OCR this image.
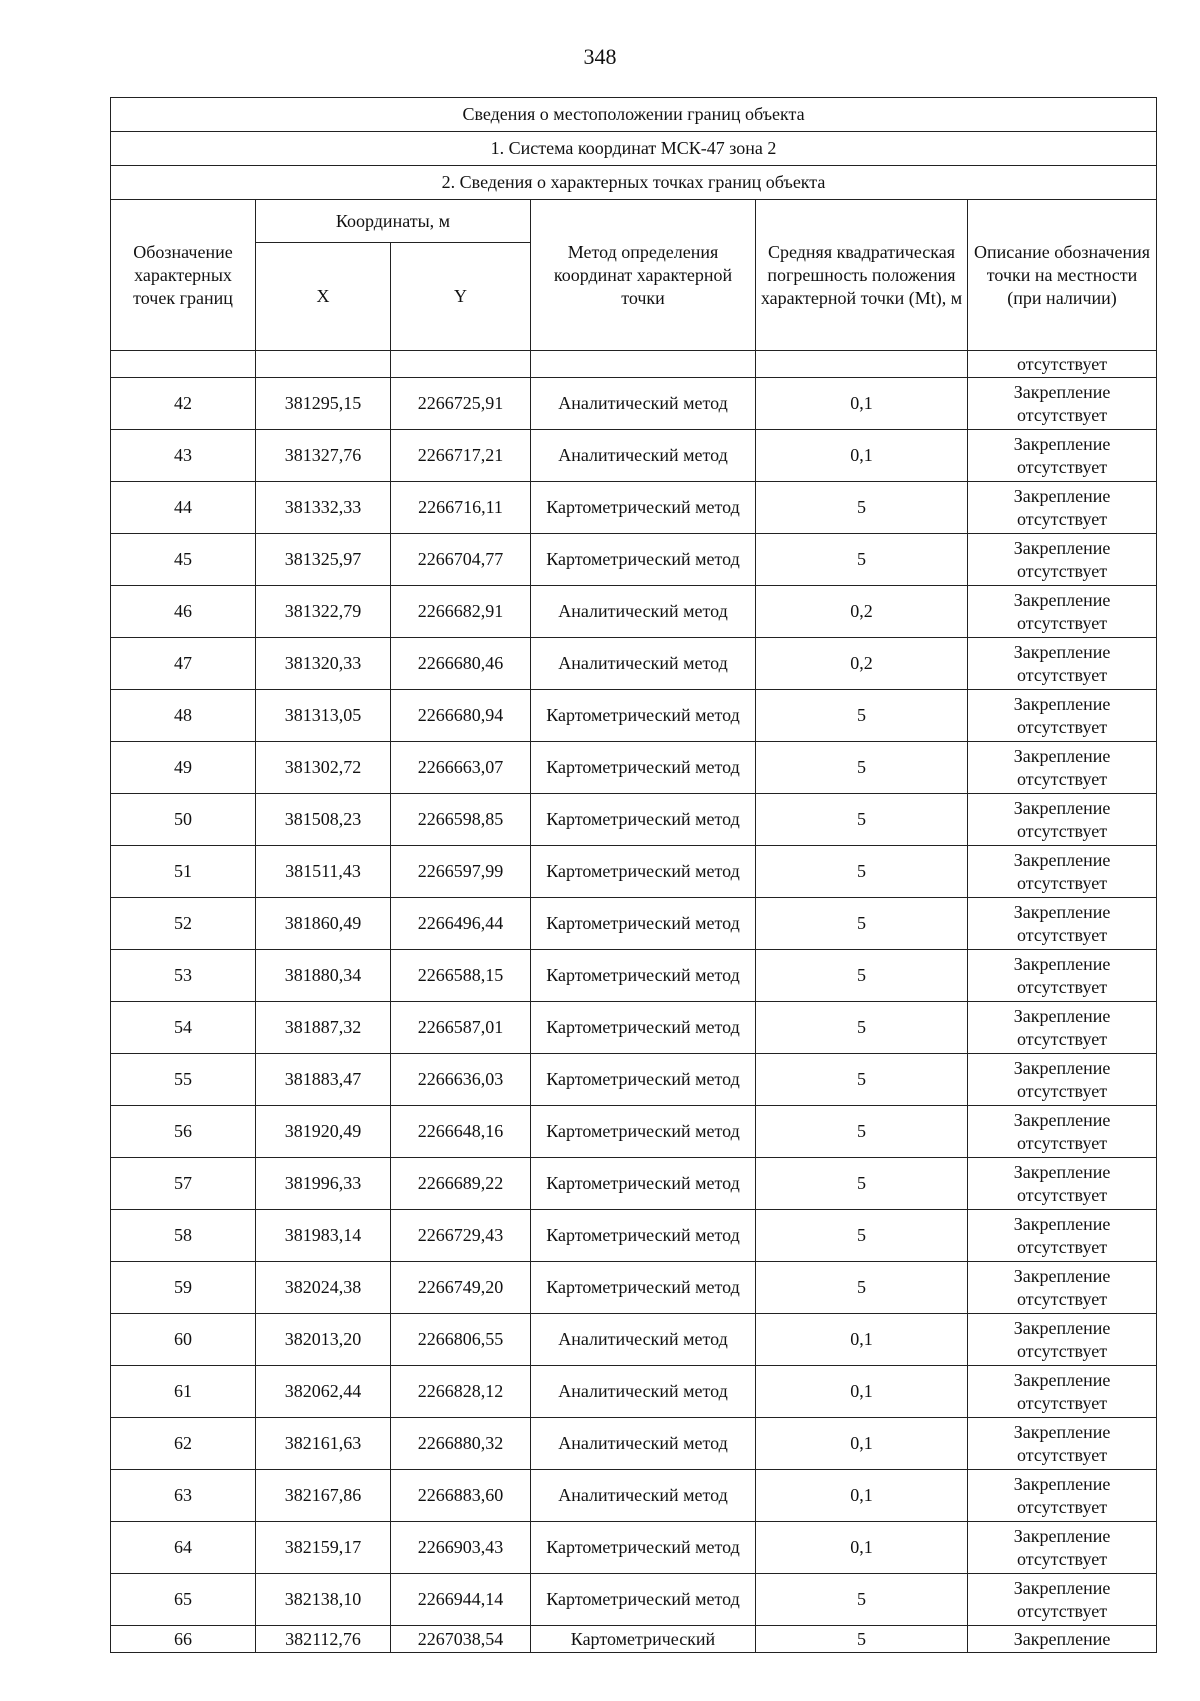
348
Сведения о местоположении границ объекта					
1. Система координат МСК-47 зона 2					
2. Сведения о характерных точках границ объекта					
Обозначение характерных точек границ	Координаты, м		Метод определения координат характерной точки	Средняя квадратическая погрешность положения характерной точки (Mt), м	Описание обозначения точки на местности (при наличии)
	X	Y			
					отсутствует
42	381295,15	2266725,91	Аналитический метод	0,1	Закрепление отсутствует
43	381327,76	2266717,21	Аналитический метод	0,1	Закрепление отсутствует
44	381332,33	2266716,11	Картометрический метод	5	Закрепление отсутствует
45	381325,97	2266704,77	Картометрический метод	5	Закрепление отсутствует
46	381322,79	2266682,91	Аналитический метод	0,2	Закрепление отсутствует
47	381320,33	2266680,46	Аналитический метод	0,2	Закрепление отсутствует
48	381313,05	2266680,94	Картометрический метод	5	Закрепление отсутствует
49	381302,72	2266663,07	Картометрический метод	5	Закрепление отсутствует
50	381508,23	2266598,85	Картометрический метод	5	Закрепление отсутствует
51	381511,43	2266597,99	Картометрический метод	5	Закрепление отсутствует
52	381860,49	2266496,44	Картометрический метод	5	Закрепление отсутствует
53	381880,34	2266588,15	Картометрический метод	5	Закрепление отсутствует
54	381887,32	2266587,01	Картометрический метод	5	Закрепление отсутствует
55	381883,47	2266636,03	Картометрический метод	5	Закрепление отсутствует
56	381920,49	2266648,16	Картометрический метод	5	Закрепление отсутствует
57	381996,33	2266689,22	Картометрический метод	5	Закрепление отсутствует
58	381983,14	2266729,43	Картометрический метод	5	Закрепление отсутствует
59	382024,38	2266749,20	Картометрический метод	5	Закрепление отсутствует
60	382013,20	2266806,55	Аналитический метод	0,1	Закрепление отсутствует
61	382062,44	2266828,12	Аналитический метод	0,1	Закрепление отсутствует
62	382161,63	2266880,32	Аналитический метод	0,1	Закрепление отсутствует
63	382167,86	2266883,60	Аналитический метод	0,1	Закрепление отсутствует
64	382159,17	2266903,43	Картометрический метод	0,1	Закрепление отсутствует
65	382138,10	2266944,14	Картометрический метод	5	Закрепление отсутствует
66	382112,76	2267038,54	Картометрический	5	Закрепление
